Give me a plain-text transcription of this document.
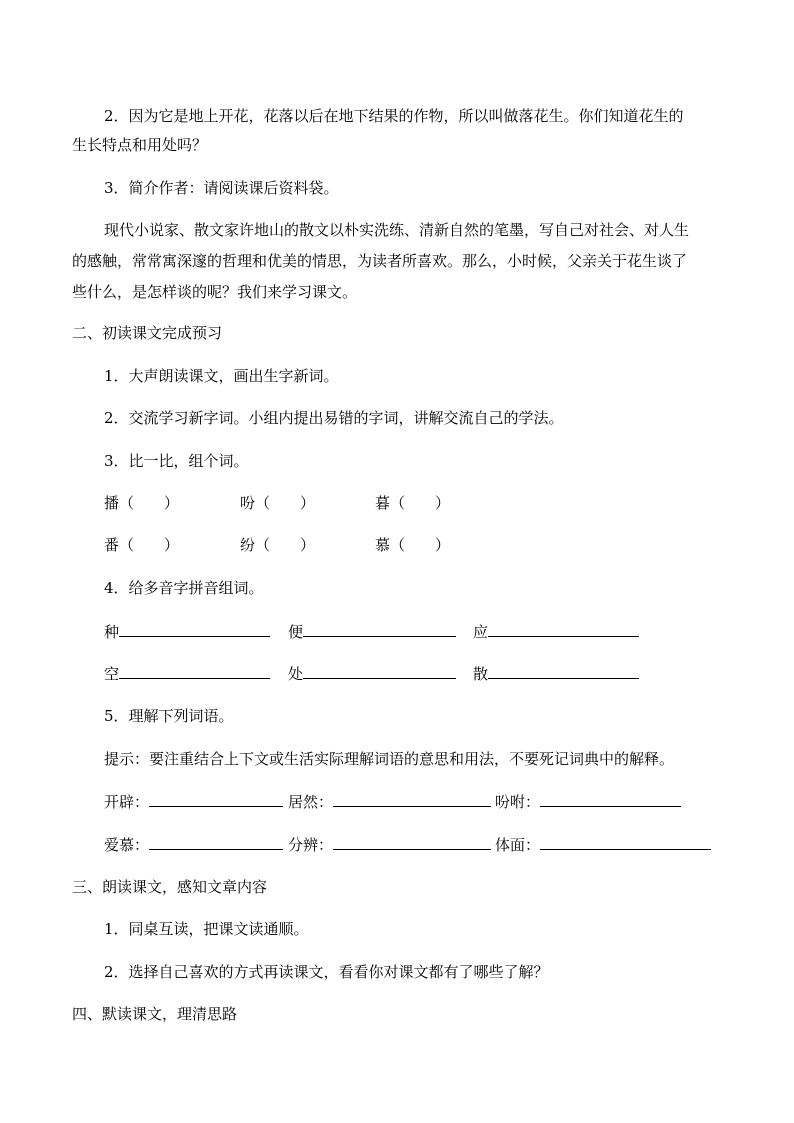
2．因为它是地上开花，花落以后在地下结果的作物，所以叫做落花生。你们知道花生的
生长特点和用处吗？
3．简介作者：请阅读课后资料袋。
现代小说家、散文家许地山的散文以朴实洗练、清新自然的笔墨，写自己对社会、对人生
的感触，常常寓深邃的哲理和优美的情思，为读者所喜欢。那么，小时候，父亲关于花生谈了
些什么，是怎样谈的呢？我们来学习课文。
二、初读课文完成预习
1．大声朗读课文，画出生字新词。
2．交流学习新字词。小组内提出易错的字词，讲解交流自己的学法。
3．比一比，组个词。
播（　　）	吩（　　）	暮（　　）
番（　　）	纷（　　）	慕（　　）
4．给多音字拼音组词。
种	便	应
空	处	散
5．理解下列词语。
提示：要注重结合上下文或生活实际理解词语的意思和用法，不要死记词典中的解释。
开辟：	居然：	吩咐：
爱慕：	分辨：	体面：
三、朗读课文，感知文章内容
1．同桌互读，把课文读通顺。
2．选择自己喜欢的方式再读课文，看看你对课文都有了哪些了解？
四、默读课文，理清思路
